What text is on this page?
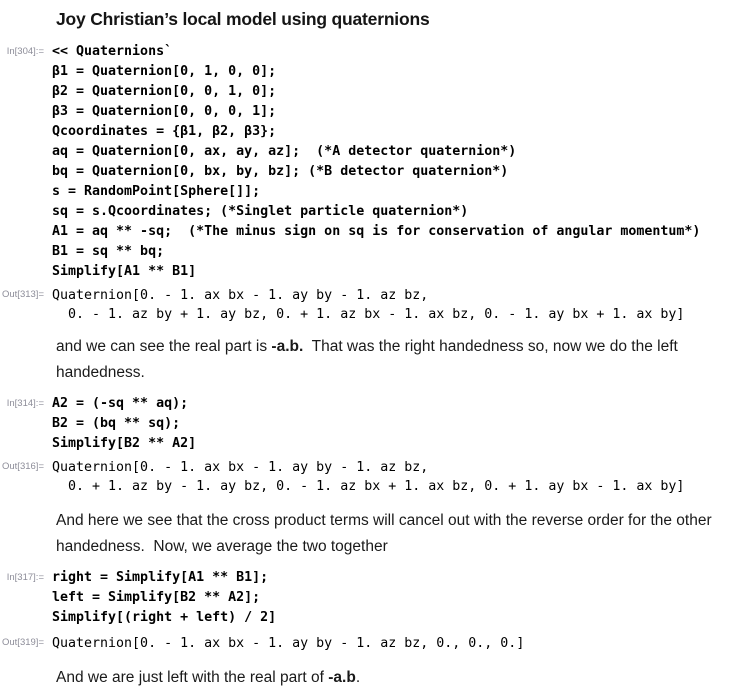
Joy Christian’s local model using quaternions
In[304]:= << Quaternions`
β1 = Quaternion[0, 1, 0, 0];
β2 = Quaternion[0, 0, 1, 0];
β3 = Quaternion[0, 0, 0, 1];
Qcoordinates = {β1, β2, β3};
aq = Quaternion[0, ax, ay, az];  (*A detector quaternion*)
bq = Quaternion[0, bx, by, bz]; (*B detector quaternion*)
s = RandomPoint[Sphere[]];
sq = s.Qcoordinates; (*Singlet particle quaternion*)
A1 = aq ** -sq;  (*The minus sign on sq is for conservation of angular momentum*)
B1 = sq ** bq;
Simplify[A1 ** B1]
Out[313]= Quaternion[0. - 1. ax bx - 1. ay by - 1. az bz,
0. - 1. az by + 1. ay bz, 0. + 1. az bx - 1. ax bz, 0. - 1. ay bx + 1. ax by]
and we can see the real part is -a.b.  That was the right handedness so, now we do the left
handedness.
In[314]:= A2 = (-sq ** aq);
B2 = (bq ** sq);
Simplify[B2 ** A2]
Out[316]= Quaternion[0. - 1. ax bx - 1. ay by - 1. az bz,
0. + 1. az by - 1. ay bz, 0. - 1. az bx + 1. ax bz, 0. + 1. ay bx - 1. ax by]
And here we see that the cross product terms will cancel out with the reverse order for the other
handedness.  Now, we average the two together
In[317]:= right = Simplify[A1 ** B1];
left = Simplify[B2 ** A2];
Simplify[(right + left) / 2]
Out[319]= Quaternion[0. - 1. ax bx - 1. ay by - 1. az bz, 0., 0., 0.]
And we are just left with the real part of -a.b.
